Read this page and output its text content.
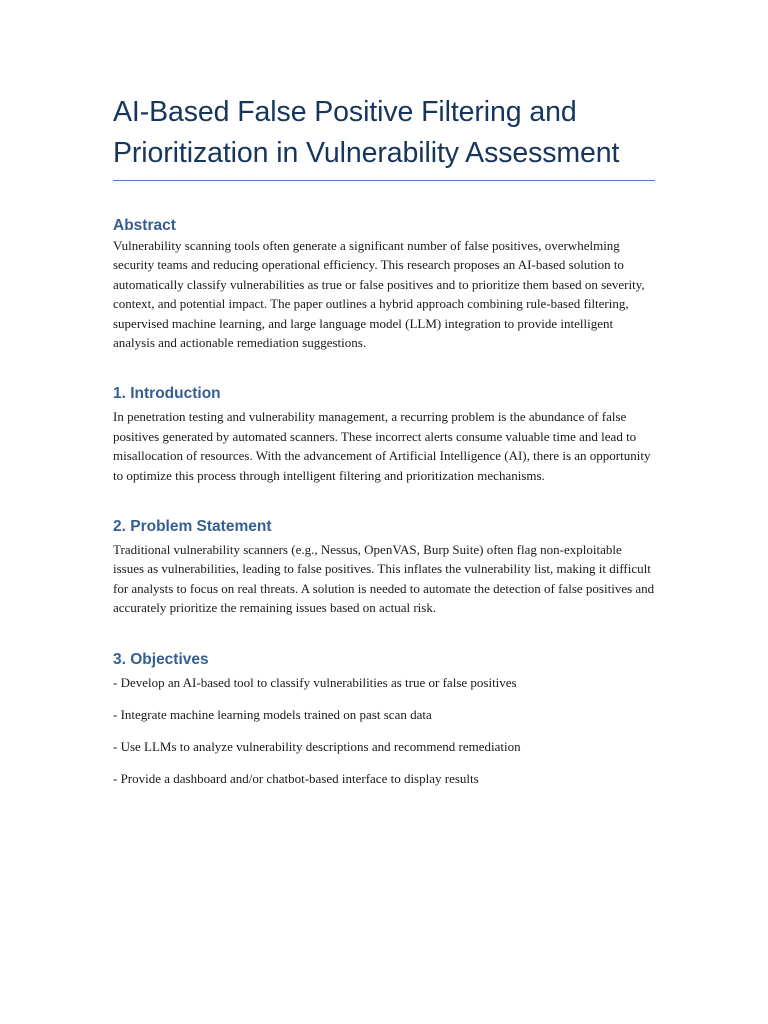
AI-Based False Positive Filtering and Prioritization in Vulnerability Assessment
Abstract

Vulnerability scanning tools often generate a significant number of false positives, overwhelming security teams and reducing operational efficiency. This research proposes an AI-based solution to automatically classify vulnerabilities as true or false positives and to prioritize them based on severity, context, and potential impact. The paper outlines a hybrid approach combining rule-based filtering, supervised machine learning, and large language model (LLM) integration to provide intelligent analysis and actionable remediation suggestions.

1. Introduction

In penetration testing and vulnerability management, a recurring problem is the abundance of false positives generated by automated scanners. These incorrect alerts consume valuable time and lead to misallocation of resources. With the advancement of Artificial Intelligence (AI), there is an opportunity to optimize this process through intelligent filtering and prioritization mechanisms.

2. Problem Statement

Traditional vulnerability scanners (e.g., Nessus, OpenVAS, Burp Suite) often flag non-exploitable issues as vulnerabilities, leading to false positives. This inflates the vulnerability list, making it difficult for analysts to focus on real threats. A solution is needed to automate the detection of false positives and accurately prioritize the remaining issues based on actual risk.

3. Objectives

- Develop an AI-based tool to classify vulnerabilities as true or false positives

- Integrate machine learning models trained on past scan data

- Use LLMs to analyze vulnerability descriptions and recommend remediation

- Provide a dashboard and/or chatbot-based interface to display results
